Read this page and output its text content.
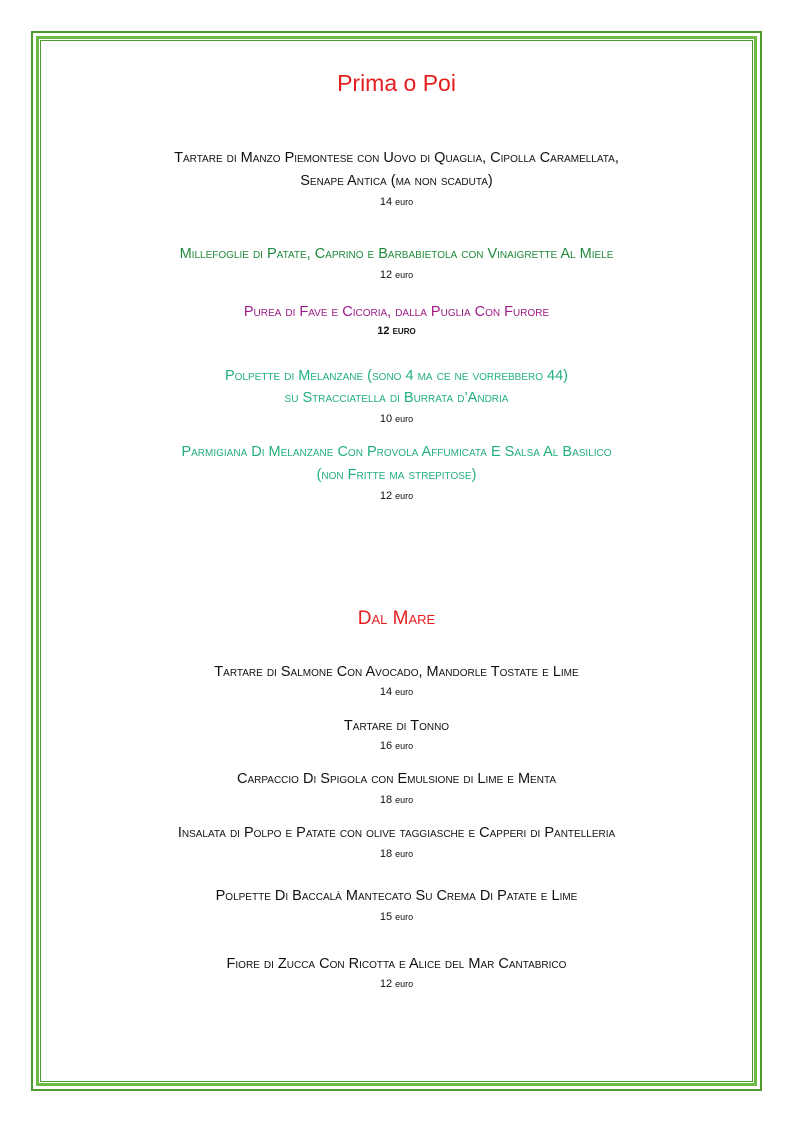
Prima o Poi
Tartare di Manzo Piemontese con Uovo di Quaglia, Cipolla Caramellata,
Senape Antica (ma non scaduta)
14 euro
Millefoglie di Patate, Caprino e Barbabietola con Vinaigrette Al Miele
12 euro
Purea di Fave e Cicoria, dalla Puglia Con Furore
12 EURO
Polpette di Melanzane (sono 4 ma ce ne vorrebbero 44)
su Stracciatella di Burrata d’Andria
10 euro
Parmigiana Di Melanzane Con Provola Affumicata E Salsa Al Basilico
(non Fritte ma strepitose)
12 euro
Dal Mare
Tartare di Salmone Con Avocado, Mandorle Tostate e Lime
14 euro
Tartare di Tonno
16 euro
Carpaccio Di Spigola con Emulsione di Lime e Menta
18 euro
Insalata di Polpo e Patate con olive taggiasche e Capperi di Pantelleria
18 euro
Polpette Di Baccalà Mantecato Su Crema Di Patate e Lime
15 euro
Fiore di Zucca Con Ricotta e Alice del Mar Cantabrico
12 euro
